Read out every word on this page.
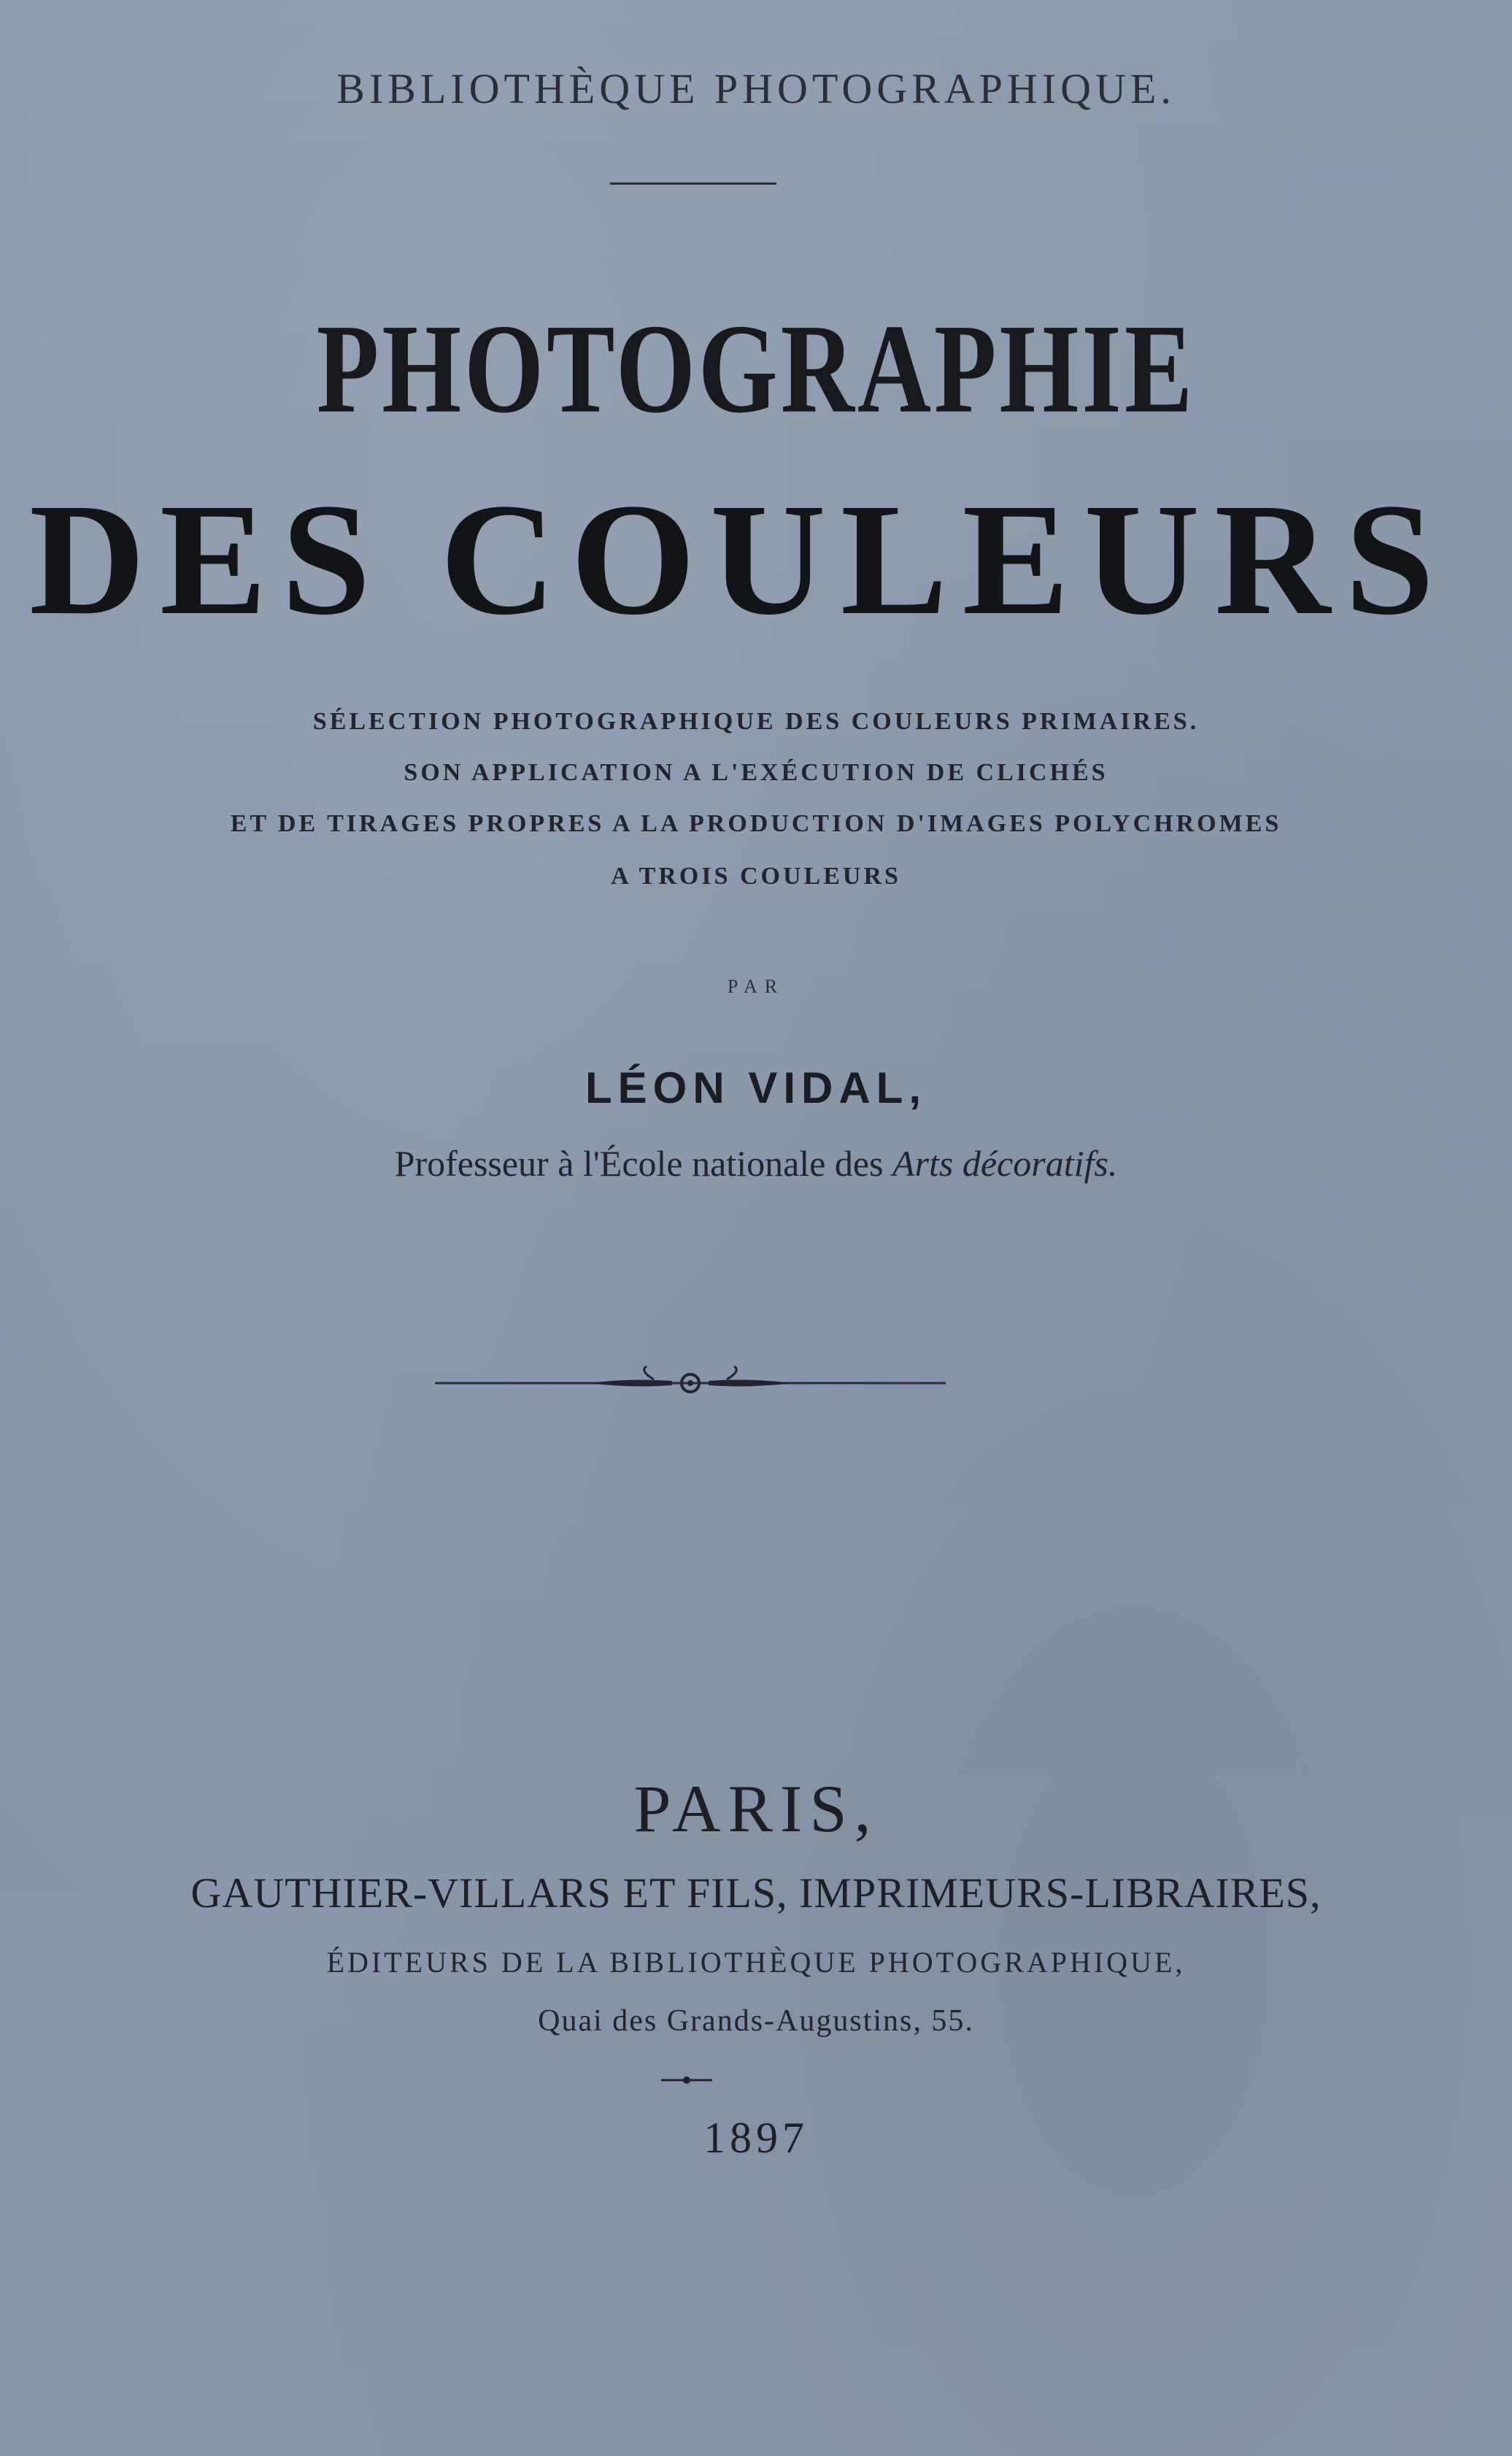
BIBLIOTHÈQUE PHOTOGRAPHIQUE.

PHOTOGRAPHIE
DES COULEURS

SÉLECTION PHOTOGRAPHIQUE DES COULEURS PRIMAIRES.

SON APPLICATION A L'EXÉCUTION DE CLICHÉS

ET DE TIRAGES PROPRES A LA PRODUCTION D'IMAGES POLYCHROMES

A TROIS COULEURS

PAR

LÉON VIDAL,

Professeur à l'École nationale des Arts décoratifs.

PARIS,

GAUTHIER-VILLARS ET FILS, IMPRIMEURS-LIBRAIRES,

ÉDITEURS DE LA BIBLIOTHÈQUE PHOTOGRAPHIQUE,

Quai des Grands-Augustins, 55.

1897
